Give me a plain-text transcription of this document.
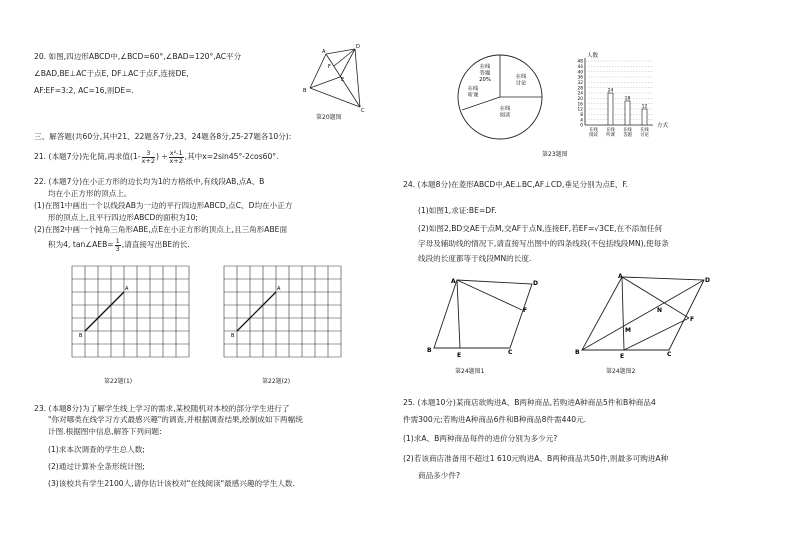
20. 如图,四边形ABCD中,∠BCD=60°,∠BAD=120°,AC平分
∠BAD,BE⊥AC于点E, DF⊥AC于点F,连接DE,
AF:EF=3:2, AC=16,则DE=.
A
B
C
D
E
F
第20题图
三、解答题(共60分,其中21、22题各7分,23、24题各8分,25-27题各10分):
21. (本题7分)先化简,再求值($1- \frac{3}{x+2}$ ) ÷ $\frac{\text{x²-1}}{x+2}$ ,其中x=2sin45°-2cos60°.
22. (本题7分)在小正方形的边长均为1的方格纸中,有线段AB,点A、B
均在小正方形的顶点上。
(1)在图1中画出一个以线段AB为一边的平行四边形ABCD,点C、D均在小正方
形的顶点上,且平行四边形ABCD的面积为10;
(2)在图2中画一个钝角三角形ABE,点E在小正方形的顶点上,且三角形ABE面
积为4, tan∠AEB= $\frac{1}{3}$ ,请直接写出BE的长.
A
B
第22题(1)
A
B
第22题(2)
23. (本题8分)为了解学生线上学习的需求,某校随机对本校的部分学生进行了
"你对哪类在线学习方式最感兴趣"的调查,并根据调查结果,绘制成如下两幅统
计图.根据图中信息,解答下列问题:
(1)求本次调查的学生总人数;
(2)通过计算补全条形统计图;
(3)该校共有学生2100人,请你估计该校对"在线阅读"最感兴趣的学生人数.
在线答题 20%	在线讨论
在线阅读
在线听课
0
4
8
12
16
20
24
28
32
36
40
44
48
人数
方式
在线
阅读
24
在线
听课
18
在线
答题
12
在线
讨论
第23题图
24. (本题8分)在菱形ABCD中,AE⊥BC,AF⊥CD,垂足分别为点E、F.
(1)如图1,求证:BE=DF.
(2)如图2,BD交AE于点M,交AF于点N,连接EF,若EF=√3CE,在不添加任何
字母及辅助线的情况下,请直接写出图中的四条线段(不包括线段MN),使每条
线段的长度都等于线段MN的长度.
A	D
F
B
E	C
第24题图1
A
D
F
N
M
B
E	C
第24题图2
25. (本题10分)某商店欲购进A、B两种商品,若购进A种商品5件和B种商品4
件需300元;若购进A种商品6件和B种商品8件需440元.
(1)求A、B两种商品每件的进价分别为多少元?
(2)若该商店准备用不超过1 610元购进A、B两种商品共50件,则最多可购进A种
商品多少件?
